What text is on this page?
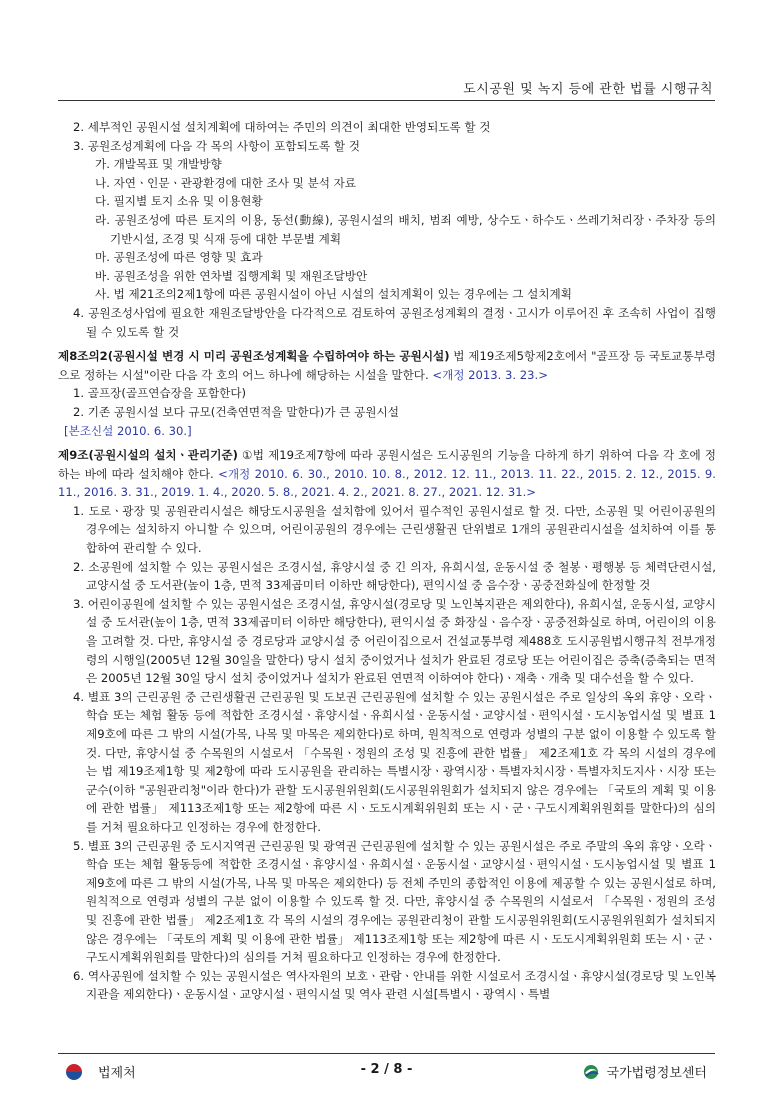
도시공원 및 녹지 등에 관한 법률 시행규칙

2. 세부적인 공원시설 설치계획에 대하여는 주민의 의견이 최대한 반영되도록 할 것

3. 공원조성계획에 다음 각 목의 사항이 포함되도록 할 것

가. 개발목표 및 개발방향

나. 자연ㆍ인문ㆍ관광환경에 대한 조사 및 분석 자료

다. 필지별 토지 소유 및 이용현황

라. 공원조성에 따른 토지의 이용, 동선(動線), 공원시설의 배치, 범죄 예방, 상수도ㆍ하수도ㆍ쓰레기처리장ㆍ주차장 등의 기반시설, 조경 및 식재 등에 대한 부문별 계획

마. 공원조성에 따른 영향 및 효과

바. 공원조성을 위한 연차별 집행계획 및 재원조달방안

사. 법 제21조의2제1항에 따른 공원시설이 아닌 시설의 설치계획이 있는 경우에는 그 설치계획

4. 공원조성사업에 필요한 재원조달방안을 다각적으로 검토하여 공원조성계획의 결정ㆍ고시가 이루어진 후 조속히 사업이 집행될 수 있도록 할 것

제8조의2(공원시설 변경 시 미리 공원조성계획을 수립하여야 하는 공원시설) 법 제19조제5항제2호에서 "골프장 등 국토교통부령으로 정하는 시설"이란 다음 각 호의 어느 하나에 해당하는 시설을 말한다. <개정 2013. 3. 23.>

1. 골프장(골프연습장을 포함한다)

2. 기존 공원시설 보다 규모(건축연면적을 말한다)가 큰 공원시설

[본조신설 2010. 6. 30.]

제9조(공원시설의 설치ㆍ관리기준) ①법 제19조제7항에 따라 공원시설은 도시공원의 기능을 다하게 하기 위하여 다음 각 호에 정하는 바에 따라 설치해야 한다. <개정 2010. 6. 30., 2010. 10. 8., 2012. 12. 11., 2013. 11. 22., 2015. 2. 12., 2015. 9. 11., 2016. 3. 31., 2019. 1. 4., 2020. 5. 8., 2021. 4. 2., 2021. 8. 27., 2021. 12. 31.>

1. 도로ㆍ광장 및 공원관리시설은 해당도시공원을 설치함에 있어서 필수적인 공원시설로 할 것. 다만, 소공원 및 어린이공원의 경우에는 설치하지 아니할 수 있으며, 어린이공원의 경우에는 근린생활권 단위별로 1개의 공원관리시설을 설치하여 이를 통합하여 관리할 수 있다.

2. 소공원에 설치할 수 있는 공원시설은 조경시설, 휴양시설 중 긴 의자, 유희시설, 운동시설 중 철봉ㆍ평행봉 등 체력단련시설, 교양시설 중 도서관(높이 1층, 면적 33제곱미터 이하만 해당한다), 편익시설 중 음수장ㆍ공중전화실에 한정할 것

3. 어린이공원에 설치할 수 있는 공원시설은 조경시설, 휴양시설(경로당 및 노인복지관은 제외한다), 유희시설, 운동시설, 교양시설 중 도서관(높이 1층, 면적 33제곱미터 이하만 해당한다), 편익시설 중 화장실ㆍ음수장ㆍ공중전화실로 하며, 어린이의 이용을 고려할 것. 다만, 휴양시설 중 경로당과 교양시설 중 어린이집으로서 건설교통부령 제488호 도시공원법시행규칙 전부개정령의 시행일(2005년 12월 30일을 말한다) 당시 설치 중이었거나 설치가 완료된 경로당 또는 어린이집은 증축(증축되는 면적은 2005년 12월 30일 당시 설치 중이었거나 설치가 완료된 연면적 이하여야 한다)ㆍ재축ㆍ개축 및 대수선을 할 수 있다.

4. 별표 3의 근린공원 중 근린생활권 근린공원 및 도보권 근린공원에 설치할 수 있는 공원시설은 주로 일상의 옥외 휴양ㆍ오락ㆍ학습 또는 체험 활동 등에 적합한 조경시설ㆍ휴양시설ㆍ유희시설ㆍ운동시설ㆍ교양시설ㆍ편익시설ㆍ도시농업시설 및 별표 1 제9호에 따른 그 밖의 시설(가목, 나목 및 마목은 제외한다)로 하며, 원칙적으로 연령과 성별의 구분 없이 이용할 수 있도록 할 것. 다만, 휴양시설 중 수목원의 시설로서 「수목원ㆍ정원의 조성 및 진흥에 관한 법률」 제2조제1호 각 목의 시설의 경우에는 법 제19조제1항 및 제2항에 따라 도시공원을 관리하는 특별시장ㆍ광역시장ㆍ특별자치시장ㆍ특별자치도지사ㆍ시장 또는 군수(이하 "공원관리청"이라 한다)가 관할 도시공원위원회(도시공원위원회가 설치되지 않은 경우에는 「국토의 계획 및 이용에 관한 법률」 제113조제1항 또는 제2항에 따른 시ㆍ도도시계획위원회 또는 시ㆍ군ㆍ구도시계획위원회를 말한다)의 심의를 거쳐 필요하다고 인정하는 경우에 한정한다.

5. 별표 3의 근린공원 중 도시지역권 근린공원 및 광역권 근린공원에 설치할 수 있는 공원시설은 주로 주말의 옥외 휴양ㆍ오락ㆍ학습 또는 체험 활동등에 적합한 조경시설ㆍ휴양시설ㆍ유희시설ㆍ운동시설ㆍ교양시설ㆍ편익시설ㆍ도시농업시설 및 별표 1 제9호에 따른 그 밖의 시설(가목, 나목 및 마목은 제외한다) 등 전체 주민의 종합적인 이용에 제공할 수 있는 공원시설로 하며, 원칙적으로 연령과 성별의 구분 없이 이용할 수 있도록 할 것. 다만, 휴양시설 중 수목원의 시설로서 「수목원ㆍ정원의 조성 및 진흥에 관한 법률」 제2조제1호 각 목의 시설의 경우에는 공원관리청이 관할 도시공원위원회(도시공원위원회가 설치되지 않은 경우에는 「국토의 계획 및 이용에 관한 법률」 제113조제1항 또는 제2항에 따른 시ㆍ도도시계획위원회 또는 시ㆍ군ㆍ구도시계획위원회를 말한다)의 심의를 거쳐 필요하다고 인정하는 경우에 한정한다.

6. 역사공원에 설치할 수 있는 공원시설은 역사자원의 보호ㆍ관람ㆍ안내를 위한 시설로서 조경시설ㆍ휴양시설(경로당 및 노인복지관을 제외한다)ㆍ운동시설ㆍ교양시설ㆍ편익시설 및 역사 관련 시설[특별시ㆍ광역시ㆍ특별

법제처	- 2 / 8 -	국가법령정보센터
